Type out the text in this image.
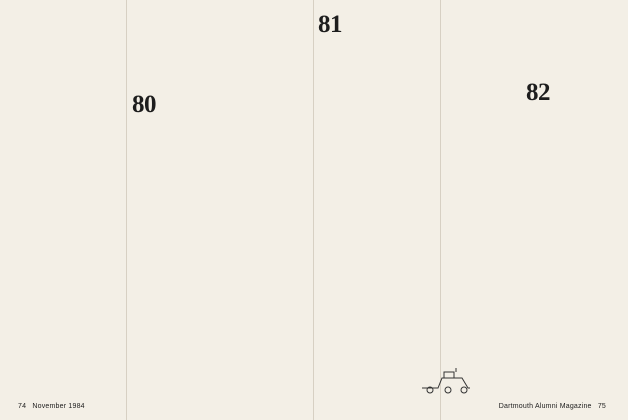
80

81

82

74 November 1984	Dartmouth Alumni Magazine 75
